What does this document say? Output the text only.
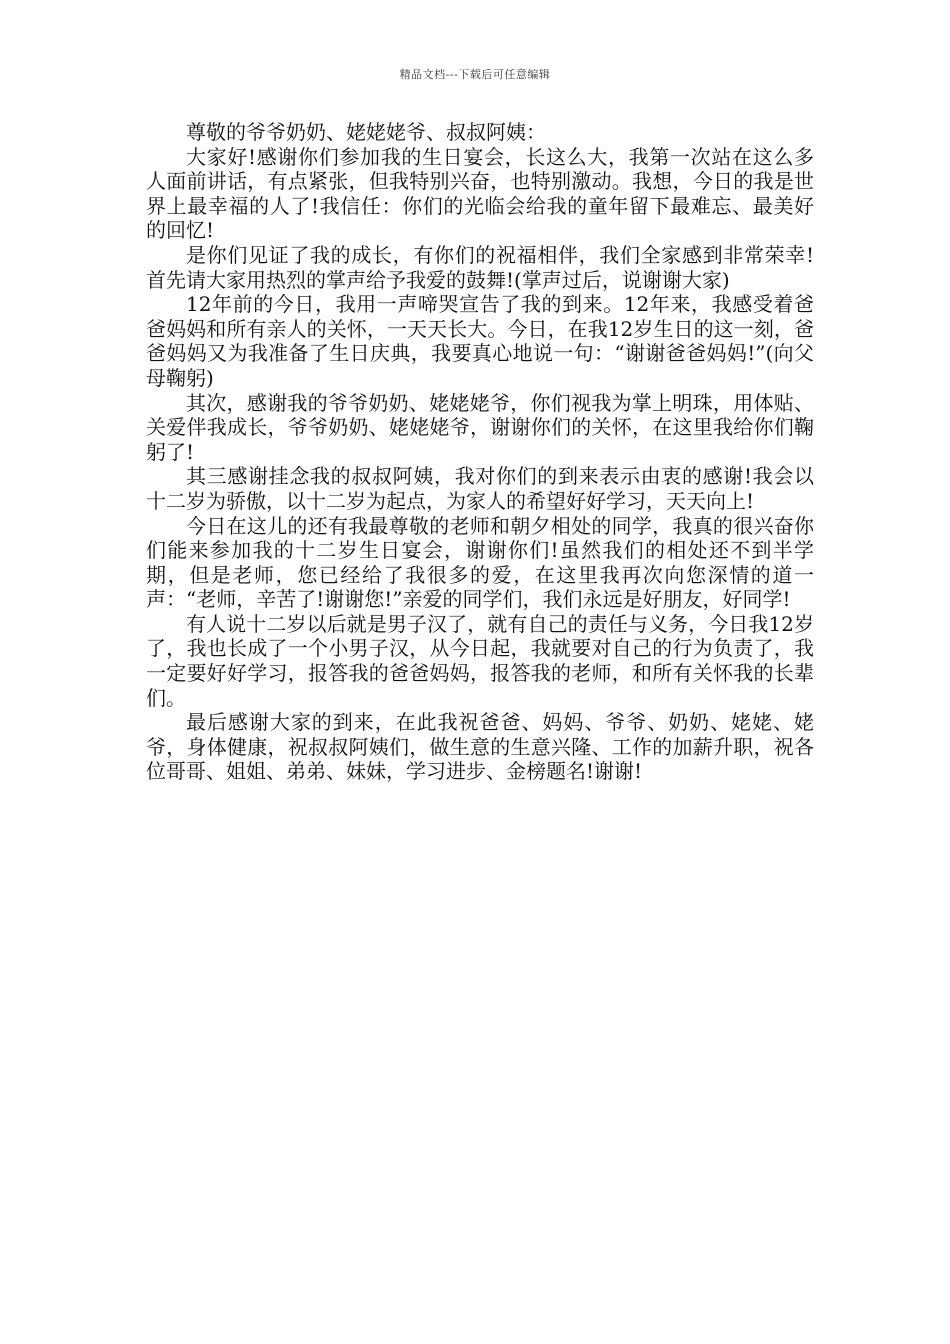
精品文档---下载后可任意编辑

尊敬的爷爷奶奶、姥姥姥爷、叔叔阿姨：

大家好!感谢你们参加我的生日宴会，长这么大，我第一次站在这么多人面前讲话，有点紧张，但我特别兴奋，也特别激动。我想，今日的我是世界上最幸福的人了!我信任：你们的光临会给我的童年留下最难忘、最美好的回忆!

是你们见证了我的成长，有你们的祝福相伴，我们全家感到非常荣幸!首先请大家用热烈的掌声给予我爱的鼓舞!(掌声过后，说谢谢大家)

12年前的今日，我用一声啼哭宣告了我的到来。12年来，我感受着爸爸妈妈和所有亲人的关怀，一天天长大。今日，在我12岁生日的这一刻，爸爸妈妈又为我准备了生日庆典，我要真心地说一句：“谢谢爸爸妈妈!”(向父母鞠躬)

其次，感谢我的爷爷奶奶、姥姥姥爷，你们视我为掌上明珠，用体贴、关爱伴我成长，爷爷奶奶、姥姥姥爷，谢谢你们的关怀，在这里我给你们鞠躬了!

其三感谢挂念我的叔叔阿姨，我对你们的到来表示由衷的感谢!我会以十二岁为骄傲，以十二岁为起点，为家人的希望好好学习，天天向上!

今日在这儿的还有我最尊敬的老师和朝夕相处的同学，我真的很兴奋你们能来参加我的十二岁生日宴会，谢谢你们!虽然我们的相处还不到半学期，但是老师，您已经给了我很多的爱，在这里我再次向您深情的道一声：“老师，辛苦了!谢谢您!”亲爱的同学们，我们永远是好朋友，好同学!

有人说十二岁以后就是男子汉了，就有自己的责任与义务，今日我12岁了，我也长成了一个小男子汉，从今日起，我就要对自己的行为负责了，我一定要好好学习，报答我的爸爸妈妈，报答我的老师，和所有关怀我的长辈们。

最后感谢大家的到来，在此我祝爸爸、妈妈、爷爷、奶奶、姥姥、姥爷，身体健康，祝叔叔阿姨们，做生意的生意兴隆、工作的加薪升职，祝各位哥哥、姐姐、弟弟、妹妹，学习进步、金榜题名!谢谢!
